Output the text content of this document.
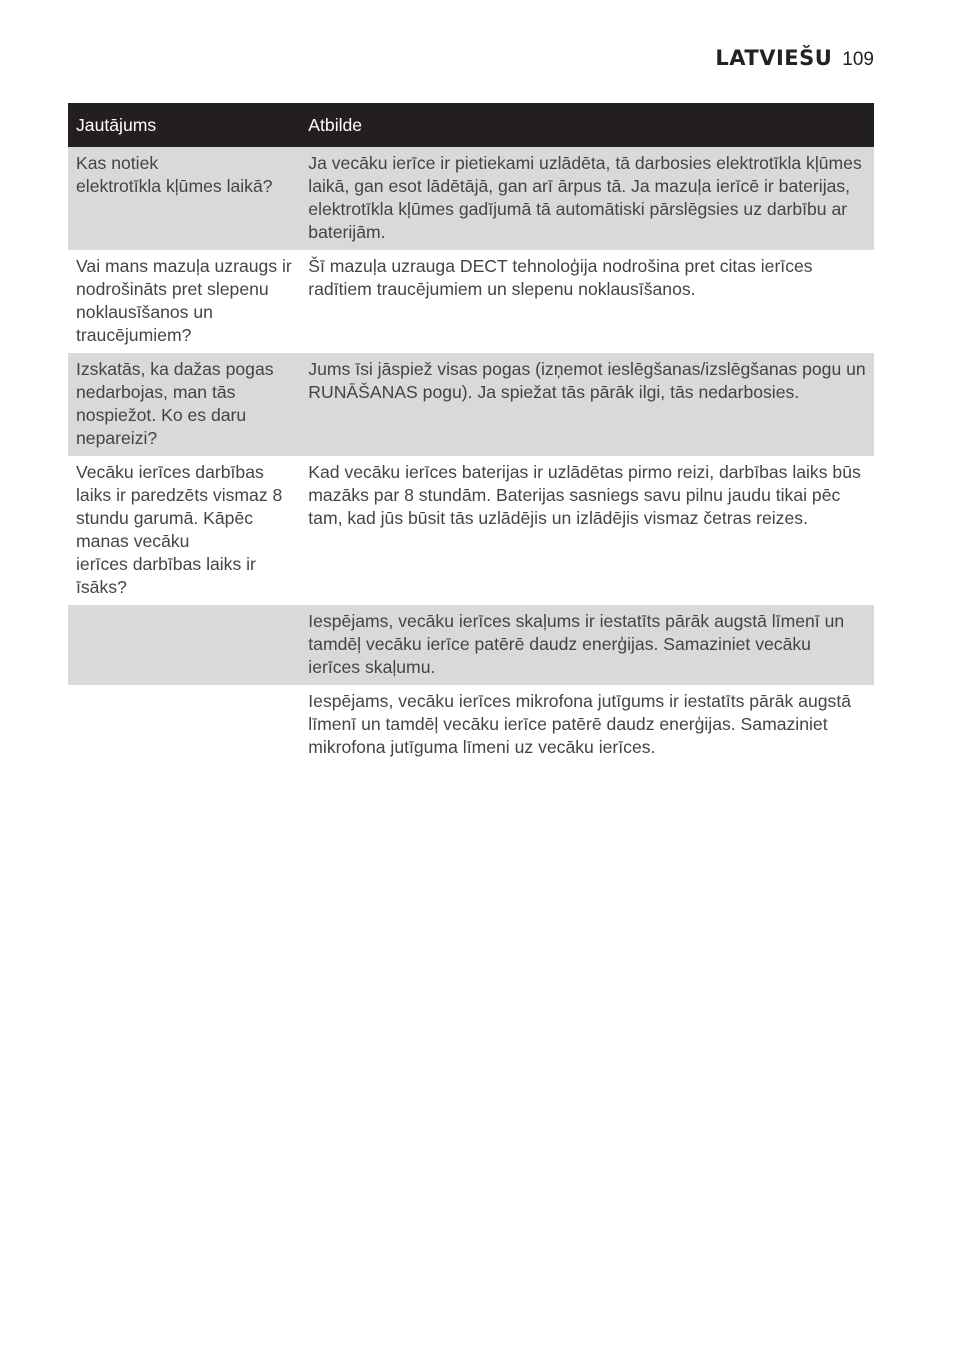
LATVIEŠU 109
Jautājums	Atbilde

Kas notiek
elektrotīkla kļūmes laikā?	Ja vecāku ierīce ir pietiekami uzlādēta, tā darbosies elektrotīkla kļūmes laikā, gan esot lādētājā, gan arī ārpus tā. Ja mazuļa ierīcē ir baterijas, elektrotīkla kļūmes gadījumā tā automātiski pārslēgsies uz darbību ar baterijām.

Vai mans mazuļa uzraugs ir nodrošināts pret slepenu noklausīšanos un traucējumiem?	Šī mazuļa uzrauga DECT tehnoloģija nodrošina pret citas ierīces radītiem traucējumiem un slepenu noklausīšanos.

Izskatās, ka dažas pogas nedarbojas, man tās nospiežot. Ko es daru nepareizi?	Jums īsi jāspiež visas pogas (izņemot ieslēgšanas/izslēgšanas pogu un RUNĀŠANAS pogu). Ja spiežat tās pārāk ilgi, tās nedarbosies.

Vecāku ierīces darbības laiks ir paredzēts vismaz 8 stundu garumā. Kāpēc manas vecāku
ierīces darbības laiks ir īsāks?	Kad vecāku ierīces baterijas ir uzlādētas pirmo reizi, darbības laiks būs mazāks par 8 stundām. Baterijas sasniegs savu pilnu jaudu tikai pēc tam, kad jūs būsit tās uzlādējis un izlādējis vismaz četras reizes.

	Iespējams, vecāku ierīces skaļums ir iestatīts pārāk augstā līmenī un tamdēļ vecāku ierīce patērē daudz enerģijas. Samaziniet vecāku ierīces skaļumu.

	Iespējams, vecāku ierīces mikrofona jutīgums ir iestatīts pārāk augstā līmenī un tamdēļ vecāku ierīce patērē daudz enerģijas. Samaziniet mikrofona jutīguma līmeni uz vecāku ierīces.
